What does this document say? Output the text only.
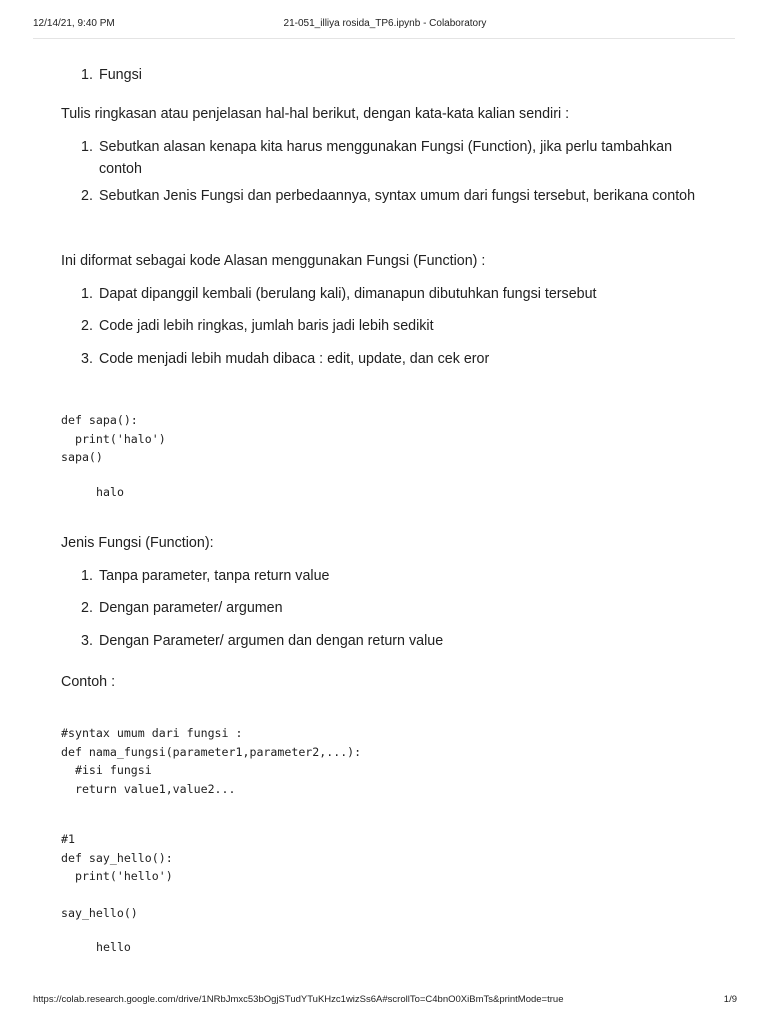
12/14/21, 9:40 PM	21-051_illiya rosida_TP6.ipynb - Colaboratory
1. Fungsi
Tulis ringkasan atau penjelasan hal-hal berikut, dengan kata-kata kalian sendiri :
1. Sebutkan alasan kenapa kita harus menggunakan Fungsi (Function), jika perlu tambahkan
contoh
2. Sebutkan Jenis Fungsi dan perbedaannya, syntax umum dari fungsi tersebut, berikana contoh
Ini diformat sebagai kode Alasan menggunakan Fungsi (Function) :
1. Dapat dipanggil kembali (berulang kali), dimanapun dibutuhkan fungsi tersebut
2. Code jadi lebih ringkas, jumlah baris jadi lebih sedikit
3. Code menjadi lebih mudah dibaca : edit, update, dan cek eror
def sapa():
print('halo')
sapa()
halo
Jenis Fungsi (Function):
1. Tanpa parameter, tanpa return value
2. Dengan parameter/ argumen
3. Dengan Parameter/ argumen dan dengan return value
Contoh :
#syntax umum dari fungsi :
def nama_fungsi(parameter1,parameter2,...):
#isi fungsi
return value1,value2...
#1
def say_hello():
print('hello')

say_hello()
hello
https://colab.research.google.com/drive/1NRbJmxc53bOgjSTudYTuKHzc1wizSs6A#scrollTo=C4bnO0XiBmTs&printMode=true	1/9
